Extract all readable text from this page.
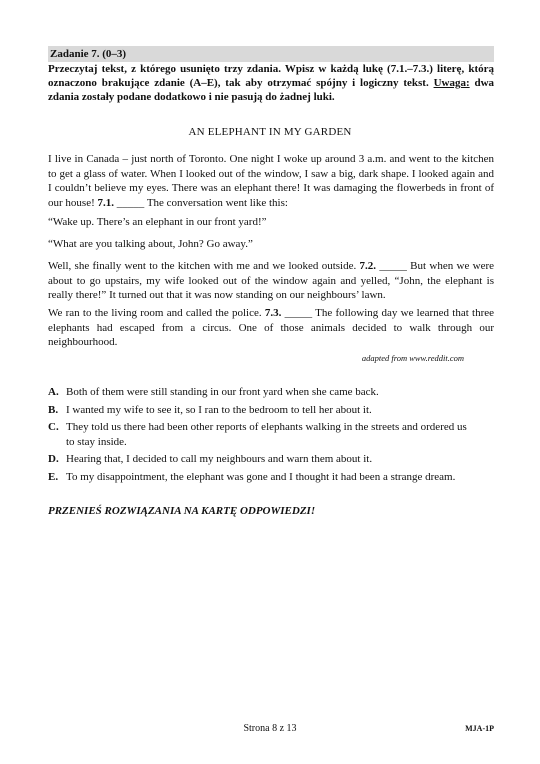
Zadanie 7. (0–3)
Przeczytaj tekst, z którego usunięto trzy zdania. Wpisz w każdą lukę (7.1.–7.3.) literę, którą oznaczono brakujące zdanie (A–E), tak aby otrzymać spójny i logiczny tekst. Uwaga: dwa zdania zostały podane dodatkowo i nie pasują do żadnej luki.
AN ELEPHANT IN MY GARDEN
I live in Canada – just north of Toronto. One night I woke up around 3 a.m. and went to the kitchen to get a glass of water. When I looked out of the window, I saw a big, dark shape. I looked again and I couldn’t believe my eyes. There was an elephant there! It was damaging the flowerbeds in front of our house! 7.1. _____ The conversation went like this:
“Wake up. There’s an elephant in our front yard!”
“What are you talking about, John? Go away.”
Well, she finally went to the kitchen with me and we looked outside. 7.2. _____ But when we were about to go upstairs, my wife looked out of the window again and yelled, “John, the elephant is really there!” It turned out that it was now standing on our neighbours’ lawn.
We ran to the living room and called the police. 7.3. _____ The following day we learned that three elephants had escaped from a circus. One of those animals decided to walk through our neighbourhood.
adapted from www.reddit.com
A. Both of them were still standing in our front yard when she came back.
B. I wanted my wife to see it, so I ran to the bedroom to tell her about it.
C. They told us there had been other reports of elephants walking in the streets and ordered us to stay inside.
D. Hearing that, I decided to call my neighbours and warn them about it.
E. To my disappointment, the elephant was gone and I thought it had been a strange dream.
PRZENIEŚ ROZWIĄZANIA NA KARTĘ ODPOWIEDZI!
Strona 8 z 13	MJA-1P
